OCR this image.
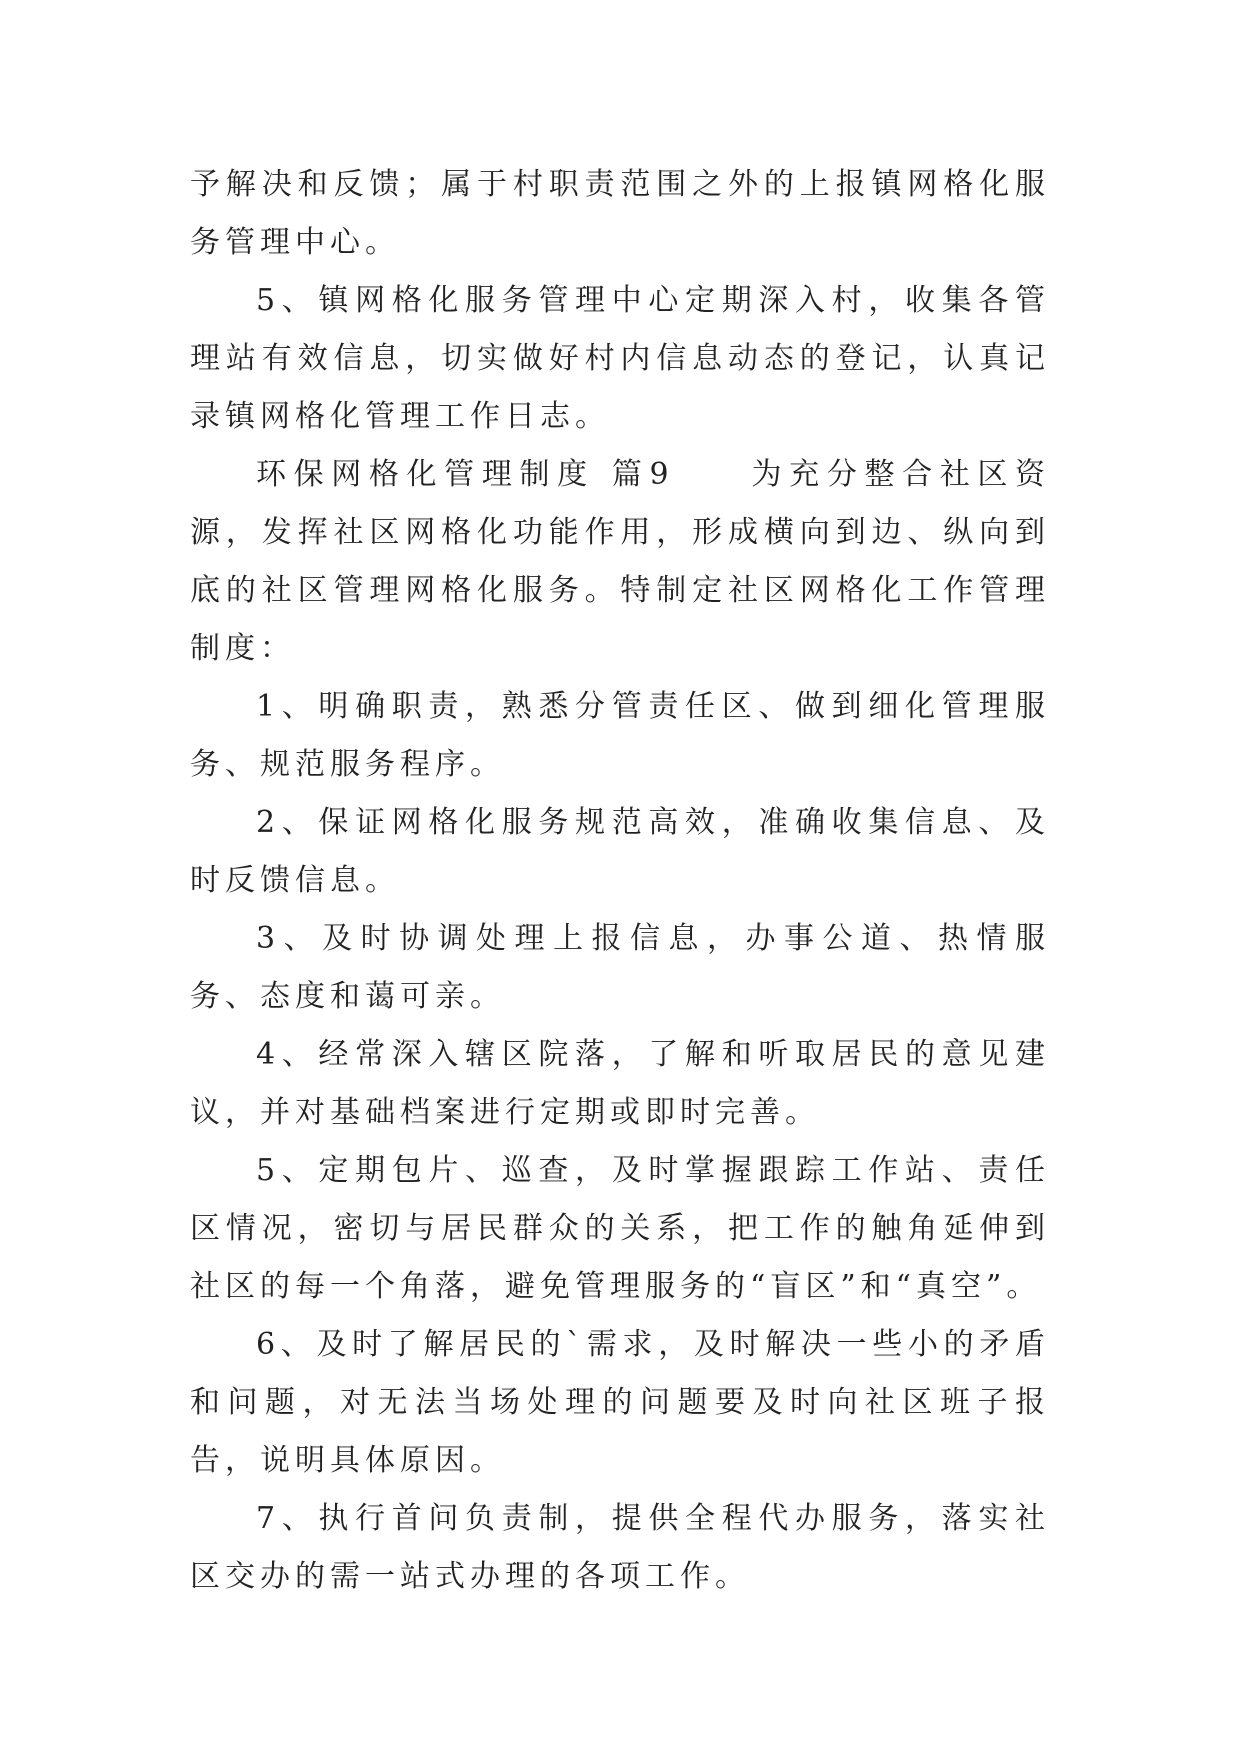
予解决和反馈；属于村职责范围之外的上报镇网格化服务管理中心。

5、镇网格化服务管理中心定期深入村，收集各管理站有效信息，切实做好村内信息动态的登记，认真记录镇网格化管理工作日志。

环保网格化管理制度 篇9　　为充分整合社区资源，发挥社区网格化功能作用，形成横向到边、纵向到底的社区管理网格化服务。特制定社区网格化工作管理制度：

1、明确职责，熟悉分管责任区、做到细化管理服务、规范服务程序。

2、保证网格化服务规范高效，准确收集信息、及时反馈信息。

3、及时协调处理上报信息，办事公道、热情服务、态度和蔼可亲。

4、经常深入辖区院落，了解和听取居民的意见建议，并对基础档案进行定期或即时完善。

5、定期包片、巡查，及时掌握跟踪工作站、责任区情况，密切与居民群众的关系，把工作的触角延伸到社区的每一个角落，避免管理服务的“盲区”和“真空”。

6、及时了解居民的`需求，及时解决一些小的矛盾和问题，对无法当场处理的问题要及时向社区班子报告，说明具体原因。

7、执行首问负责制，提供全程代办服务，落实社区交办的需一站式办理的各项工作。
